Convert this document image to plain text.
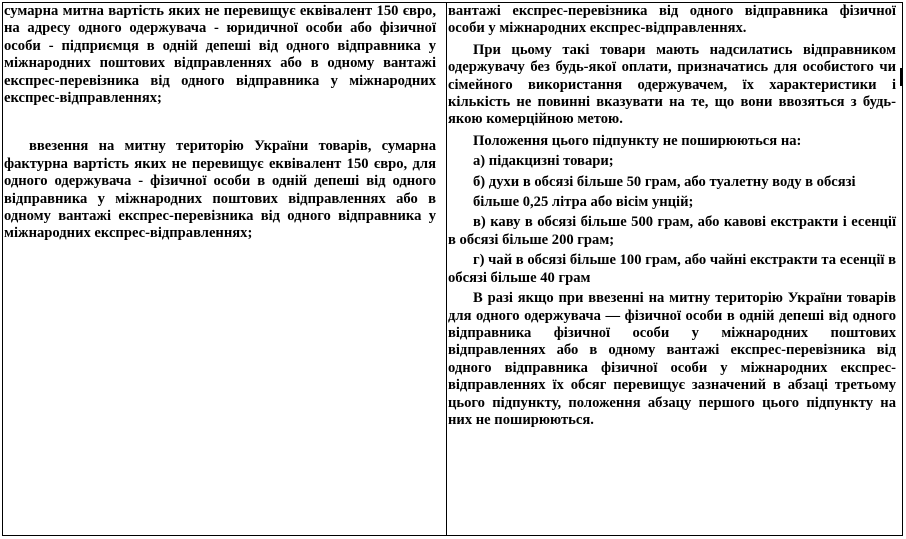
сумарна митна вартість яких не перевищує еквівалент 150 євро, на адресу одного одержувача - юридичної особи або фізичної особи - підприємця в одній депеші від одного відправника у міжнародних поштових відправленнях або в одному вантажі експрес-перевізника від одного відправника у міжнародних експрес-відправленнях;

ввезення на митну територію України товарів, сумарна фактурна вартість яких не перевищує еквівалент 150 євро, для одного одержувача - фізичної особи в одній депеші від одного відправника у міжнародних поштових відправленнях або в одному вантажі експрес-перевізника від одного відправника у міжнародних експрес-відправленнях;

вантажі експрес-перевізника від одного відправника фізичної особи у міжнародних експрес-відправленнях.

При цьому такі товари мають надсилатись відправником одержувачу без будь-якої оплати, призначатись для особистого чи сімейного використання одержувачем, їх характеристики і кількість не повинні вказувати на те, що вони ввозяться з будь-якою комерційною метою.

Положення цього підпункту не поширюються на:

а) підакцизні товари;

б) духи в обсязі більше 50 грам, або туалетну воду в обсязі

більше 0,25 літра або вісім унцій;

в) каву в обсязі більше 500 грам, або кавові екстракти і есенції в обсязі більше 200 грам;

г) чай в обсязі більше 100 грам, або чайні екстракти та есенції в обсязі більше 40 грам

В разі якщо при ввезенні на митну територію України товарів для одного одержувача — фізичної особи в одній депеші від одного відправника фізичної особи у міжнародних поштових відправленнях або в одному вантажі експрес-перевізника від одного відправника фізичної особи у міжнародних експрес-відправленнях їх обсяг перевищує зазначений в абзаці третьому цього підпункту, положення абзацу першого цього підпункту на них не поширюються.
